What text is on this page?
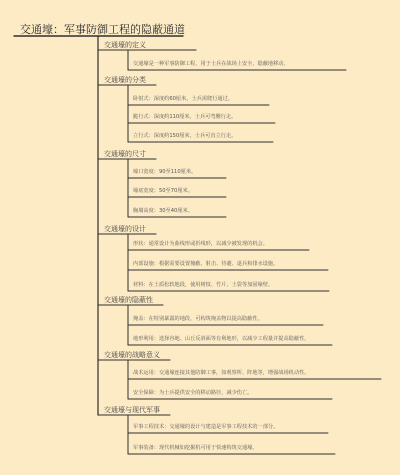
交通壕：军事防御工程的隐蔽通道
交通壕的定义
交通壕是一种军事防御工程，用于士兵在战场上安全、隐蔽地移动。
交通壕的分类
卧射式：深度约60厘米，士兵需爬行通过。
跪行式：深度约110厘米，士兵可弯腰行走。
立行式：深度约150厘米，士兵可直立行走。
交通壕的尺寸
壕口宽度：90至110厘米。
壕底宽度：50至70厘米。
胸墙高度：30至40厘米。
交通壕的设计
形状：通常设计为曲线形或折线形，以减少被发现的机会。
内部设施：根据需要设置掩蔽、射击、待避、退兵和排水设施。
材料：在土质松软地段，使用树枝、竹片、土袋等加固壕壁。
交通壕的隐蔽性
掩盖：在特别暴露的地段，可构筑掩盖物以提高隐蔽性。
地形利用：选择谷地、山丘反斜面等有利地形，以减少工程量并提高隐蔽性。
交通壕的战略意义
战术运用：交通壕连接其他防御工事，如观察所、阵地等，增强战场机动性。
安全保障：为士兵提供安全的移动路径，减少伤亡。
交通壕与现代军事
军事工程技术：交通壕的设计与建造是军事工程技术的一部分。
军事装备：现代机械如挖掘机可用于快速构筑交通壕。
